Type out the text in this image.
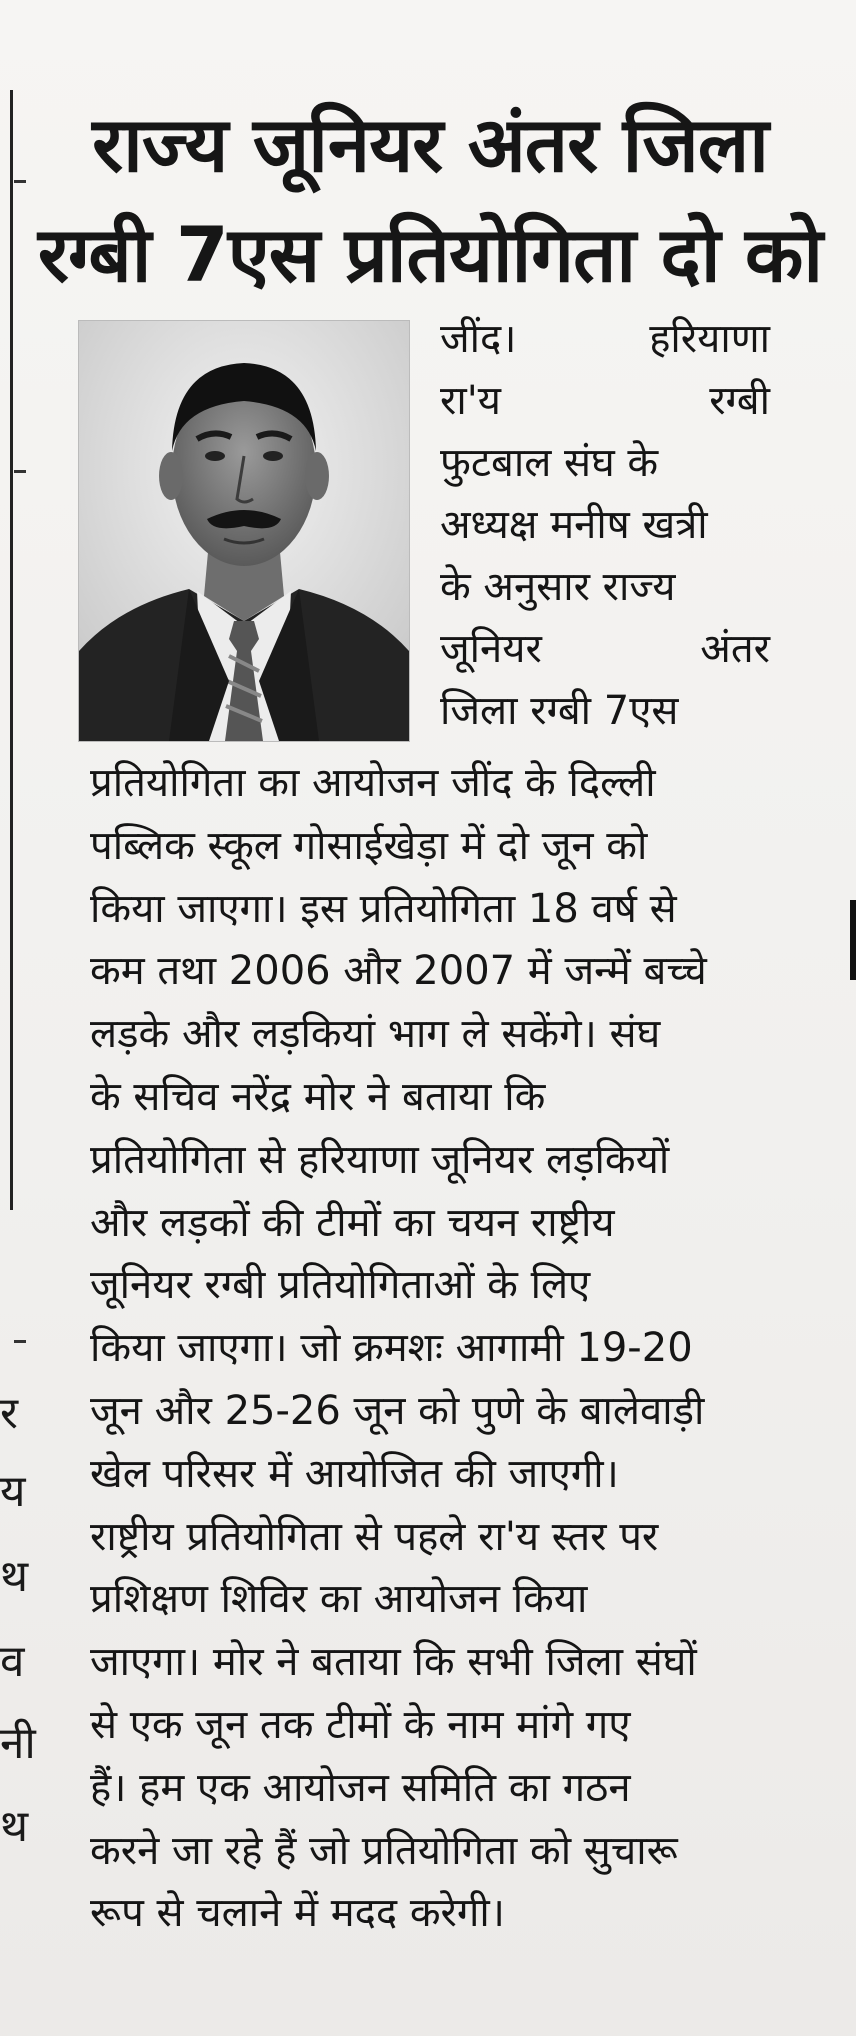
र
य
थ
व
नी
थ
राज्य जूनियर अंतर जिला
रग्बी 7एस प्रतियोगिता दो को
जींद।	हरियाणा
रा'य	रग्बी
फुटबाल संघ के
अध्यक्ष मनीष खत्री
के अनुसार राज्य
जूनियर	अंतर
जिला रग्बी 7एस
प्रतियोगिता का आयोजन जींद के दिल्ली
पब्लिक स्कूल गोसाईखेड़ा में दो जून को
किया जाएगा। इस प्रतियोगिता 18 वर्ष से
कम तथा 2006 और 2007 में जन्में बच्चे
लड़के और लड़कियां भाग ले सकेंगे। संघ
के सचिव नरेंद्र मोर ने बताया कि
प्रतियोगिता से हरियाणा जूनियर लड़कियों
और लड़कों की टीमों का चयन राष्ट्रीय
जूनियर रग्बी प्रतियोगिताओं के लिए
किया जाएगा। जो क्रमशः आगामी 19-20
जून और 25-26 जून को पुणे के बालेवाड़ी
खेल परिसर में आयोजित की जाएगी।
राष्ट्रीय प्रतियोगिता से पहले रा'य स्तर पर
प्रशिक्षण शिविर का आयोजन किया
जाएगा। मोर ने बताया कि सभी जिला संघों
से एक जून तक टीमों के नाम मांगे गए
हैं। हम एक आयोजन समिति का गठन
करने जा रहे हैं जो प्रतियोगिता को सुचारू
रूप से चलाने में मदद करेगी।
